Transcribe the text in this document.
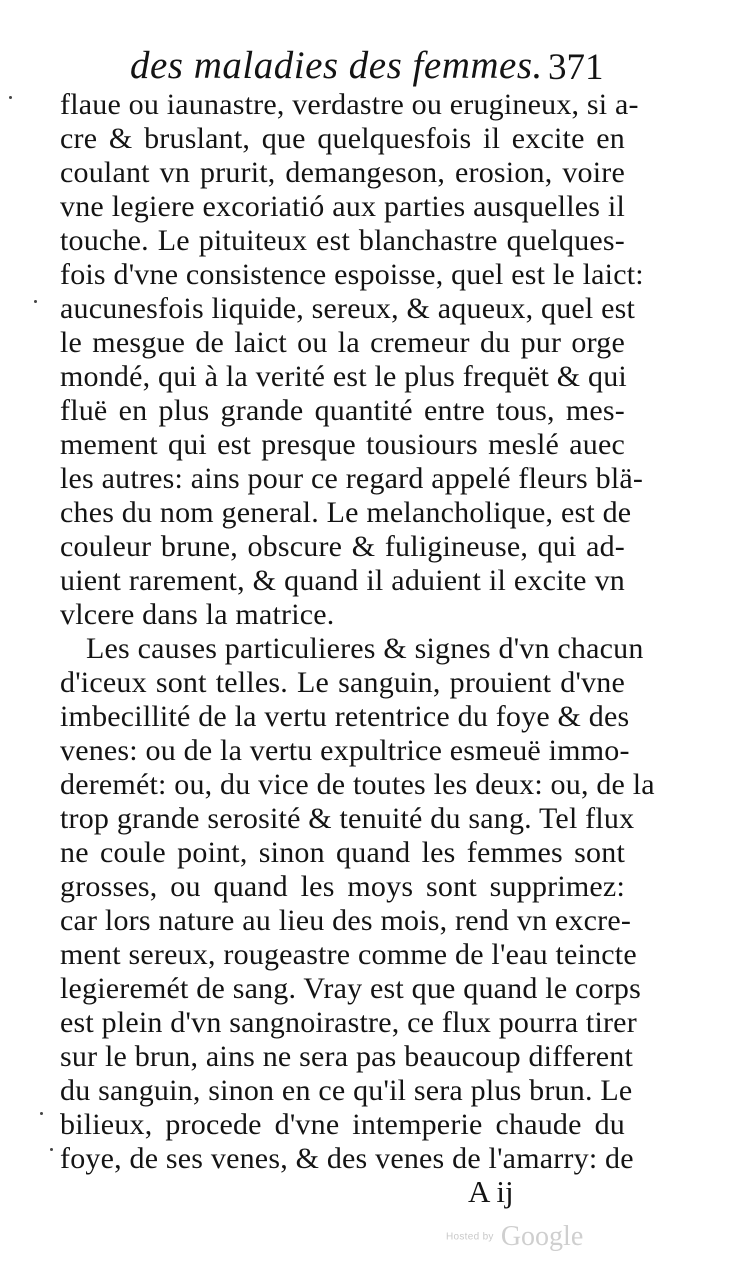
des maladies des femmes. 371
flaue ou iaunastre, verdastre ou erugineux, si a-
cre & bruslant, que quelquesfois il excite en
coulant vn prurit, demangeson, erosion, voire
vne legiere excoriatió aux parties ausquelles il
touche. Le pituiteux est blanchastre quelques-
fois d'vne consistence espoisse, quel est le laict:
aucunesfois liquide, sereux, & aqueux, quel est
le mesgue de laict ou la cremeur du pur orge
mondé, qui à la verité est le plus frequët & qui
fluë en plus grande quantité entre tous, mes-
mement qui est presque tousiours meslé auec
les autres: ains pour ce regard appelé fleurs blä-
ches du nom general. Le melancholique, est de
couleur brune, obscure & fuligineuse, qui ad-
uient rarement, & quand il aduient il excite vn
vlcere dans la matrice.
Les causes particulieres & signes d'vn chacun
d'iceux sont telles. Le sanguin, prouient d'vne
imbecillité de la vertu retentrice du foye & des
venes: ou de la vertu expultrice esmeuë immo-
deremét: ou, du vice de toutes les deux: ou, de la
trop grande serosité & tenuité du sang. Tel flux
ne coule point, sinon quand les femmes sont
grosses, ou quand les moys sont supprimez:
car lors nature au lieu des mois, rend vn excre-
ment sereux, rougeastre comme de l'eau teincte
legieremét de sang. Vray est que quand le corps
est plein d'vn sangnoirastre, ce flux pourra tirer
sur le brun, ains ne sera pas beaucoup different
du sanguin, sinon en ce qu'il sera plus brun. Le
bilieux, procede d'vne intemperie chaude du
foye, de ses venes, & des venes de l'amarry: de
A ij
Hosted by Google
